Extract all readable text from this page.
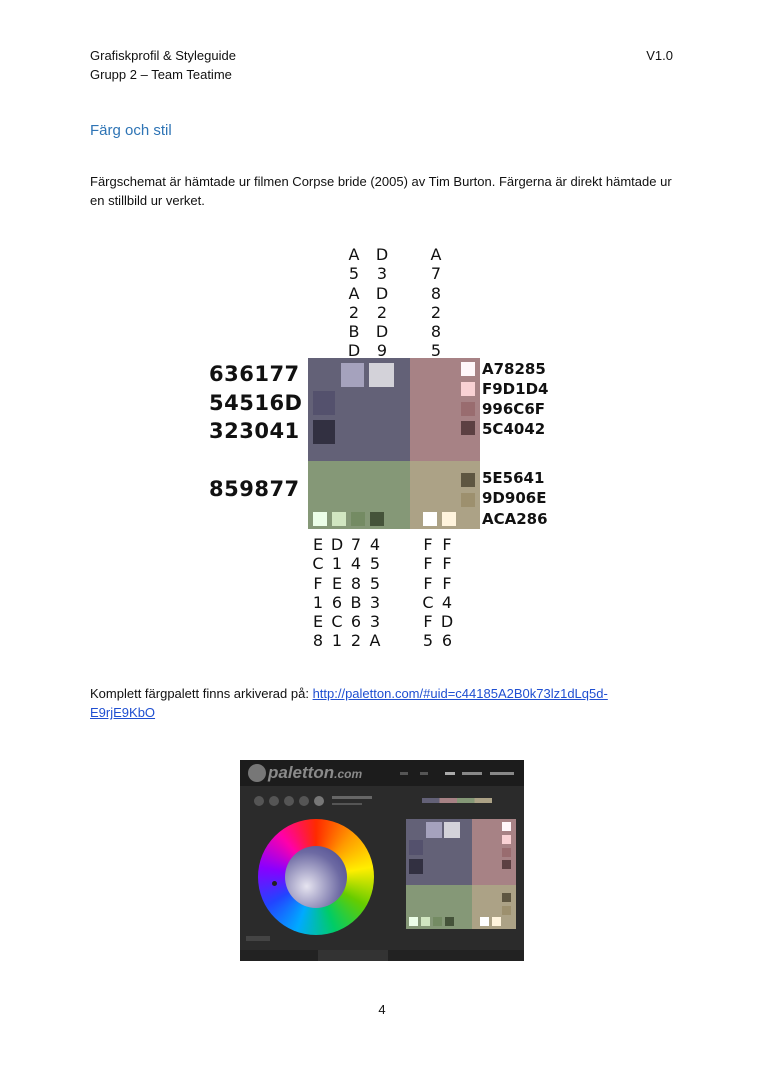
Grafiskprofil & Styleguide
Grupp 2 – Team Teatime
V1.0
Färg och stil
Färgschemat är hämtade ur filmen Corpse bride (2005) av Tim Burton. Färgerna är direkt hämtade ur
en stillbild ur verket.
A
5
A
2
B
D
D
3
D
2
D
9
A
7
8
2
8
5
E
C
F
1
E
8
D
1
E
6
C
1
7
4
8
B
6
2
4
5
5
3
3
A
F
F
F
C
F
5
F
F
F
4
D
6
636177
54516D
323041
859877
A78285
F9D1D4
996C6F
5C4042
5E5641
9D906E
ACA286
Komplett färgpalett finns arkiverad på: http://paletton.com/#uid=c44185A2B0k73lz1dLq5d-
E9rjE9KbO
paletton.com
4
